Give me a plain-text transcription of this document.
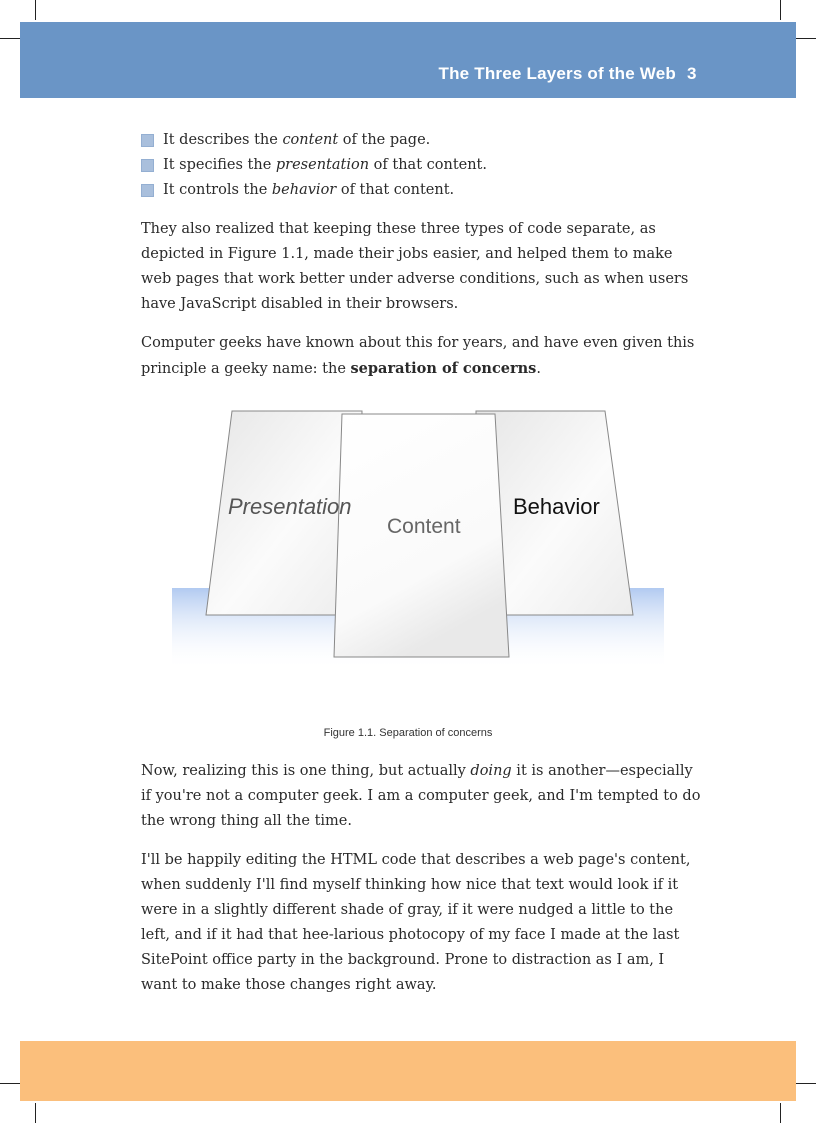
The Three Layers of the Web 3
It describes the content of the page.
It specifies the presentation of that content.
It controls the behavior of that content.

They also realized that keeping these three types of code separate, as depicted in Figure 1.1, made their jobs easier, and helped them to make web pages that work better under adverse conditions, such as when users have JavaScript disabled in their browsers.

Computer geeks have known about this for years, and have even given this principle a geeky name: the separation of concerns.

Presentation
Content
Behavior
Figure 1.1. Separation of concerns

Now, realizing this is one thing, but actually doing it is another—especially if you're not a computer geek. I am a computer geek, and I'm tempted to do the wrong thing all the time.

I'll be happily editing the HTML code that describes a web page's content, when suddenly I'll find myself thinking how nice that text would look if it were in a slightly different shade of gray, if it were nudged a little to the left, and if it had that hee-larious photocopy of my face I made at the last SitePoint office party in the background. Prone to distraction as I am, I want to make those changes right away.
